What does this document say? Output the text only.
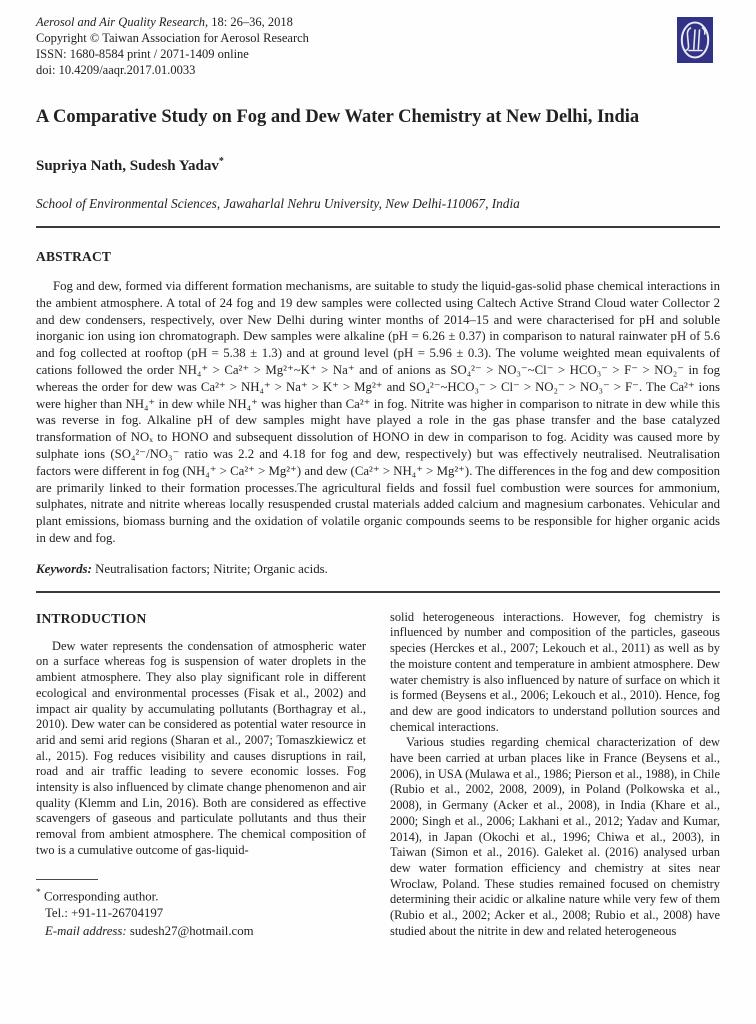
Aerosol and Air Quality Research, 18: 26–36, 2018
Copyright © Taiwan Association for Aerosol Research
ISSN: 1680-8584 print / 2071-1409 online
doi: 10.4209/aaqr.2017.01.0033
A Comparative Study on Fog and Dew Water Chemistry at New Delhi, India
Supriya Nath, Sudesh Yadav*
School of Environmental Sciences, Jawaharlal Nehru University, New Delhi-110067, India
ABSTRACT

Fog and dew, formed via different formation mechanisms, are suitable to study the liquid-gas-solid phase chemical interactions in the ambient atmosphere. A total of 24 fog and 19 dew samples were collected using Caltech Active Strand Cloud water Collector 2 and dew condensers, respectively, over New Delhi during winter months of 2014–15 and were characterised for pH and soluble inorganic ion using ion chromatograph. Dew samples were alkaline (pH = 6.26 ± 0.37) in comparison to natural rainwater pH of 5.6 and fog collected at rooftop (pH = 5.38 ± 1.3) and at ground level (pH = 5.96 ± 0.3). The volume weighted mean equivalents of cations followed the order NH₄⁺ > Ca²⁺ > Mg²⁺~K⁺ > Na⁺ and of anions as SO₄²⁻ > NO₃⁻~Cl⁻ > HCO₃⁻ > F⁻ > NO₂⁻ in fog whereas the order for dew was Ca²⁺ > NH₄⁺ > Na⁺ > K⁺ > Mg²⁺ and SO₄²⁻~HCO₃⁻ > Cl⁻ > NO₂⁻ > NO₃⁻ > F⁻. The Ca²⁺ ions were higher than NH₄⁺ in dew while NH₄⁺ was higher than Ca²⁺ in fog. Nitrite was higher in comparison to nitrate in dew while this was reverse in fog. Alkaline pH of dew samples might have played a role in the gas phase transfer and the base catalyzed transformation of NOₓ to HONO and subsequent dissolution of HONO in dew in comparison to fog. Acidity was caused more by sulphate ions (SO₄²⁻/NO₃⁻ ratio was 2.2 and 4.18 for fog and dew, respectively) but was effectively neutralised. Neutralisation factors were different in fog (NH₄⁺ > Ca²⁺ > Mg²⁺) and dew (Ca²⁺ > NH₄⁺ > Mg²⁺). The differences in the fog and dew composition are primarily linked to their formation processes.The agricultural fields and fossil fuel combustion were sources for ammonium, sulphates, nitrate and nitrite whereas locally resuspended crustal materials added calcium and magnesium carbonates. Vehicular and plant emissions, biomass burning and the oxidation of volatile organic compounds seems to be responsible for higher organic acids in dew and fog.

Keywords: Neutralisation factors; Nitrite; Organic acids.
INTRODUCTION

Dew water represents the condensation of atmospheric water on a surface whereas fog is suspension of water droplets in the ambient atmosphere. They also play significant role in different ecological and environmental processes (Fisak et al., 2002) and impact air quality by accumulating pollutants (Borthagray et al., 2010). Dew water can be considered as potential water resource in arid and semi arid regions (Sharan et al., 2007; Tomaszkiewicz et al., 2015). Fog reduces visibility and causes disruptions in rail, road and air traffic leading to severe economic losses. Fog intensity is also influenced by climate change phenomenon and air quality (Klemm and Lin, 2016). Both are considered as effective scavengers of gaseous and particulate pollutants and thus their removal from ambient atmosphere. The chemical composition of two is a cumulative outcome of gas-liquid-

* Corresponding author.
Tel.: +91-11-26704197
E-mail address: sudesh27@hotmail.com

solid heterogeneous interactions. However, fog chemistry is influenced by number and composition of the particles, gaseous species (Herckes et al., 2007; Lekouch et al., 2011) as well as by the moisture content and temperature in ambient atmosphere. Dew water chemistry is also influenced by nature of surface on which it is formed (Beysens et al., 2006; Lekouch et al., 2010). Hence, fog and dew are good indicators to understand pollution sources and chemical interactions.

Various studies regarding chemical characterization of dew have been carried at urban places like in France (Beysens et al., 2006), in USA (Mulawa et al., 1986; Pierson et al., 1988), in Chile (Rubio et al., 2002, 2008, 2009), in Poland (Polkowska et al., 2008), in Germany (Acker et al., 2008), in India (Khare et al., 2000; Singh et al., 2006; Lakhani et al., 2012; Yadav and Kumar, 2014), in Japan (Okochi et al., 1996; Chiwa et al., 2003), in Taiwan (Simon et al., 2016). Galeket al. (2016) analysed urban dew water formation efficiency and chemistry at sites near Wroclaw, Poland. These studies remained focused on chemistry determining their acidic or alkaline nature while very few of them (Rubio et al., 2002; Acker et al., 2008; Rubio et al., 2008) have studied about the nitrite in dew and related heterogeneous
